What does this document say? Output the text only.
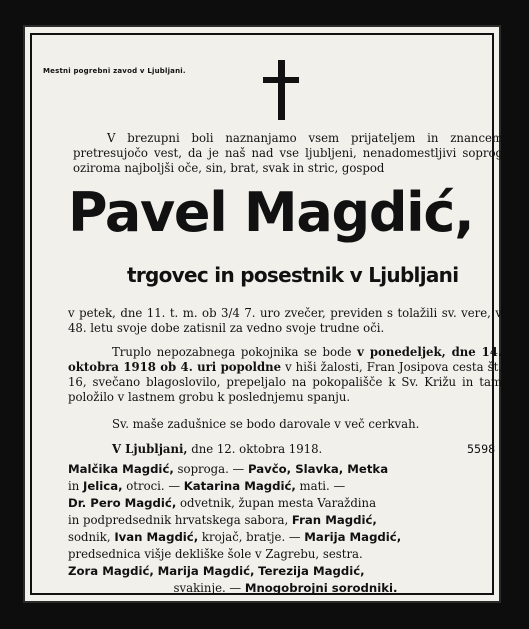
Mestni pogrebni zavod v Ljubljani.
V brezupni boli naznanjamo vsem prijateljem in znancem pretresujočo vest, da je naš nad vse ljubljeni, nenadomestljivi soprog oziroma najboljši oče, sin, brat, svak in stric, gospod
Pavel Magdić,
trgovec in posestnik v Ljubljani
v petek, dne 11. t. m. ob 3/4 7. uro zvečer, previden s tolažili sv. vere, v 48. letu svoje dobe zatisnil za vedno svoje trudne oči.
Truplo nepozabnega pokojnika se bode v ponedeljek, dne 14. oktobra 1918 ob 4. uri popoldne v hiši žalosti, Fran Josipova cesta št. 16, svečano blagoslovilo, prepeljalo na pokopališče k Sv. Križu in tam položilo v lastnem grobu k poslednjemu spanju.
Sv. maše zadušnice se bodo darovale v več cerkvah.
V Ljubljani, dne 12. oktobra 1918.	5598
Malčika Magdić, soproga. — Pavčo, Slavka, Metka
in Jelica, otroci. — Katarina Magdić, mati. —
Dr. Pero Magdić, odvetnik, župan mesta Varaždina
in podpredsednik hrvatskega sabora, Fran Magdić,
sodnik, Ivan Magdić, krojač, bratje. — Marija Magdić,
predsednica višje dekliške šole v Zagrebu, sestra.
Zora Magdić, Marija Magdić, Terezija Magdić,
svakinje. — Mnogobrojni sorodniki.
